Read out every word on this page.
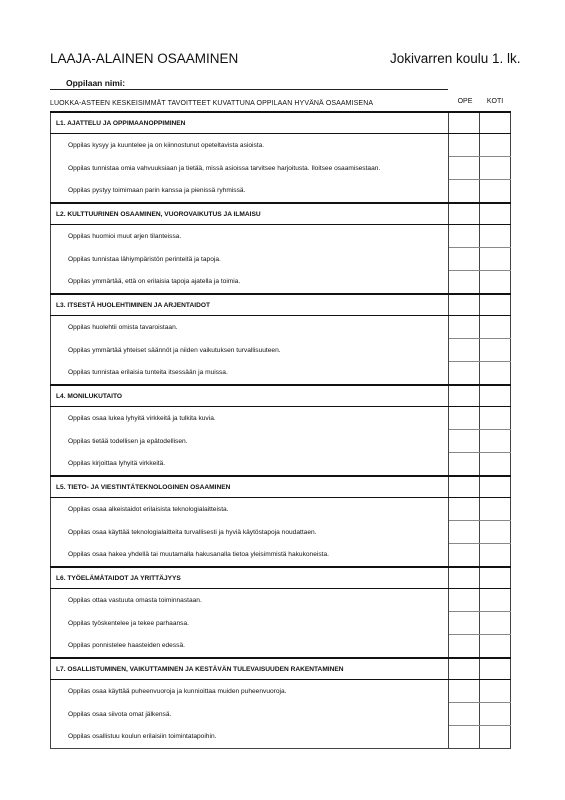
LAAJA-ALAINEN OSAAMINEN	Jokivarren koulu 1. lk.
Oppilaan nimi:
LUOKKA-ASTEEN KESKEISIMMÄT TAVOITTEET KUVATTUNA OPPILAAN HYVÄNÄ OSAAMISENA	OPE	KOTI
L1. AJATTELU JA OPPIMAANOPPIMINEN		
Oppilas kysyy ja kuuntelee ja on kiinnostunut opeteltavista asioista.		
Oppilas tunnistaa omia vahvuuksiaan ja tietää, missä asioissa tarvitsee harjoitusta. Iloitsee osaamisestaan.		
Oppilas pystyy toimimaan parin kanssa ja pienissä ryhmissä.		
L2. KULTTUURINEN OSAAMINEN, VUOROVAIKUTUS JA ILMAISU		
Oppilas huomioi muut arjen tilanteissa.		
Oppilas tunnistaa lähiympäristön perinteitä ja tapoja.		
Oppilas ymmärtää, että on erilaisia tapoja ajatella ja toimia.		
L3. ITSESTÄ HUOLEHTIMINEN JA ARJENTAIDOT		
Oppilas huolehtii omista tavaroistaan.		
Oppilas ymmärtää yhteiset säännöt ja niiden vaikutuksen turvallisuuteen.		
Oppilas tunnistaa erilaisia tunteita itsessään ja muissa.		
L4. MONILUKUTAITO		
Oppilas osaa lukea lyhyitä virkkeitä ja tulkita kuvia.		
Oppilas tietää todellisen ja epätodellisen.		
Oppilas kirjoittaa lyhyitä virkkeitä.		
L5. TIETO- JA VIESTINTÄTEKNOLOGINEN OSAAMINEN		
Oppilas osaa alkeistaidot erilaisista teknologialaitteista.		
Oppilas osaa käyttää teknologialaitteita turvallisesti ja hyviä käytöstapoja noudattaen.		
Oppilas osaa hakea yhdellä tai muutamalla hakusanalla tietoa yleisimmistä hakukoneista.		
L6. TYÖELÄMÄTAIDOT JA YRITTÄJYYS		
Oppilas ottaa vastuuta omasta toiminnastaan.		
Oppilas työskentelee ja tekee parhaansa.		
Oppilas ponnistelee haasteiden edessä.		
L7. OSALLISTUMINEN, VAIKUTTAMINEN JA KESTÄVÄN TULEVAISUUDEN RAKENTAMINEN		
Oppilas osaa käyttää puheenvuoroja ja kunnioittaa muiden puheenvuoroja.		
Oppilas osaa siivota omat jälkensä.		
Oppilas osallistuu koulun erilaisiin toimintatapoihin.		
